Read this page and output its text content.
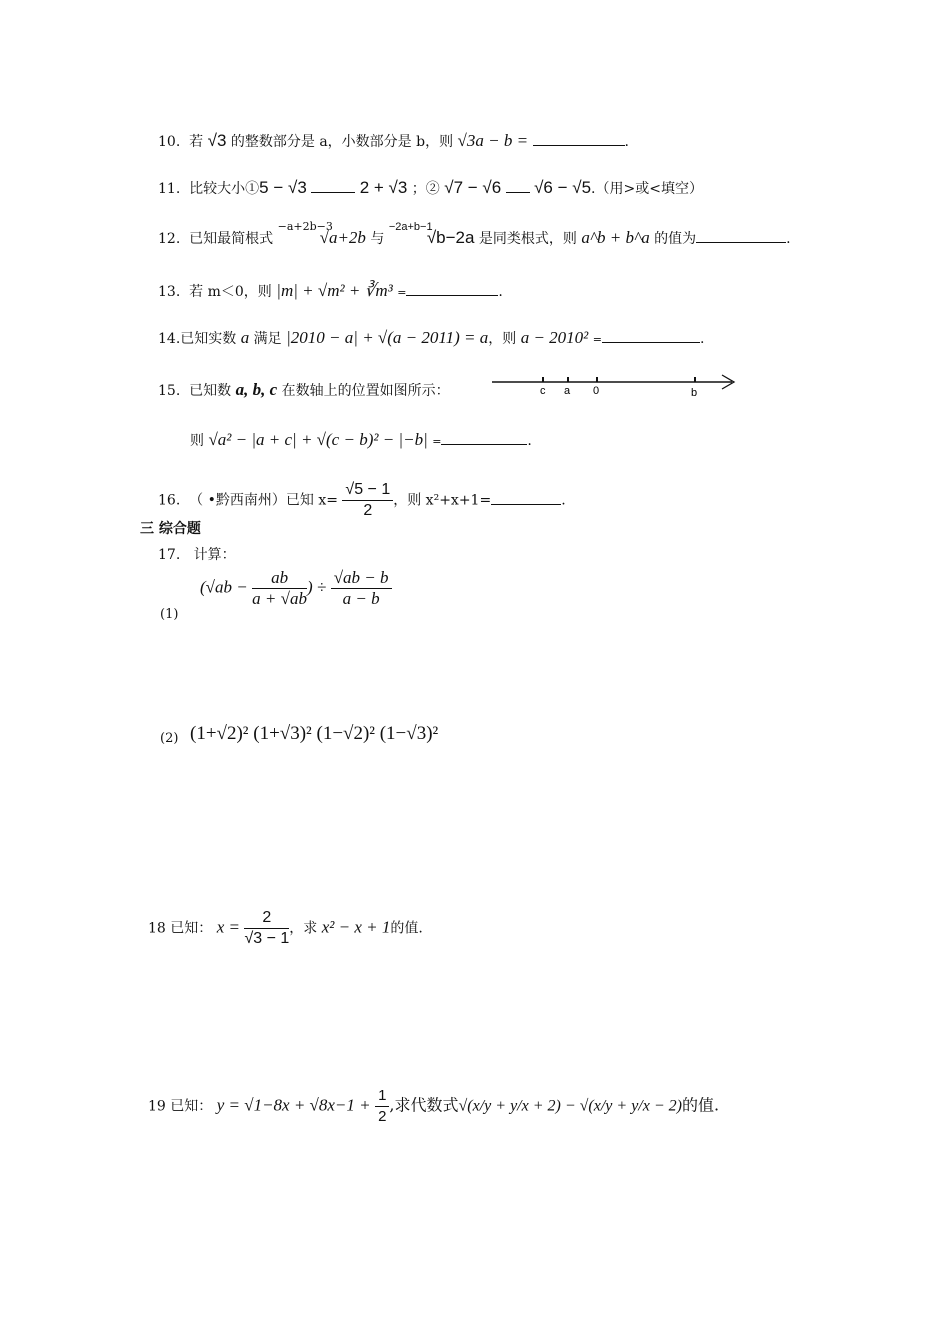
10. 若 √3 的整数部分是 a，小数部分是 b，则 √3a − b =	.
11. 比较大小①5 − √3	2 + √3 ；② √7 − √6 √6 − √5.（用>或<填空）
12. 已知最简根式
−a+2b−3
√a+2b 与
−2a+b−1
√b−2a 是同类根式，则 a^b + b^a 的值为	.
13. 若 m＜0，则 |m| + √m² + ∛m³ =	.
14.已知实数 a 满足 |2010 − a| + √(a − 2011) = a，则 a − 2010² =	.
15. 已知数 a, b, c 在数轴上的位置如图所示：	c a 0	b
则 √a² − |a + c| + √(c − b)² − |−b| =	.
16. （ •黔西南州）已知 $x= \frac{√5 - 1}{2}$ ，则 x²+x+1=	.
三 综合题
17. 计算：
(1)
($√ab - \frac{ab}{a + √ab}$ ) ÷ $\frac{√ab - b}{a - b}$
(2) (1+√2)² (1+√3)² (1−√2)² (1−√3)²
18 已知： $x = \frac{2}{√3 - 1}$ ，求 x² − x + 1的值.
19 已知： $y = √1-8x + √8x-1 + \frac{1}{2}$ ,求代数式√(x/y + y/x + 2) − √(x/y + y/x − 2)的值.
